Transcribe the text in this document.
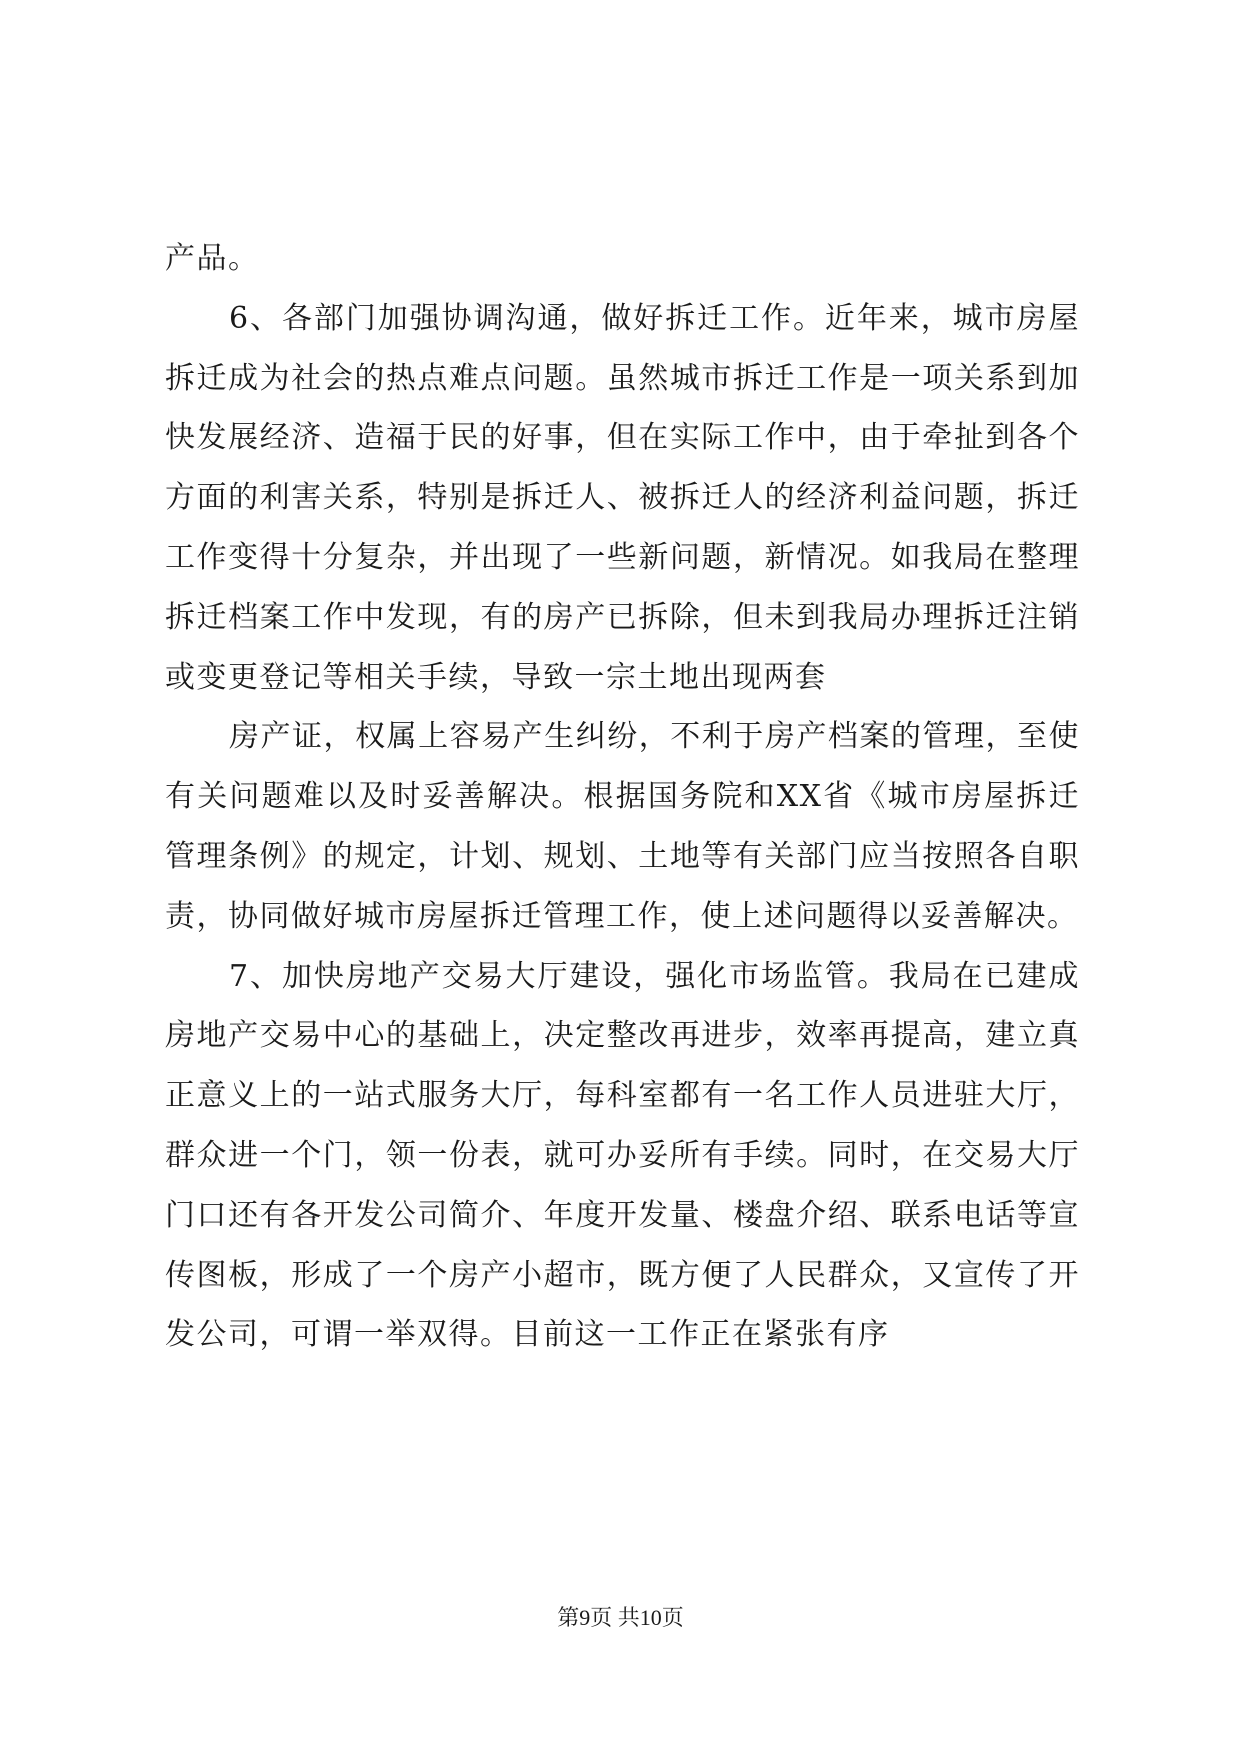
产品。

6、各部门加强协调沟通，做好拆迁工作。近年来，城市房屋拆迁成为社会的热点难点问题。虽然城市拆迁工作是一项关系到加快发展经济、造福于民的好事，但在实际工作中，由于牵扯到各个方面的利害关系，特别是拆迁人、被拆迁人的经济利益问题，拆迁工作变得十分复杂，并出现了一些新问题，新情况。如我局在整理拆迁档案工作中发现，有的房产已拆除，但未到我局办理拆迁注销或变更登记等相关手续，导致一宗土地出现两套

房产证，权属上容易产生纠纷，不利于房产档案的管理，至使有关问题难以及时妥善解决。根据国务院和XX省《城市房屋拆迁管理条例》的规定，计划、规划、土地等有关部门应当按照各自职责，协同做好城市房屋拆迁管理工作，使上述问题得以妥善解决。

7、加快房地产交易大厅建设，强化市场监管。我局在已建成房地产交易中心的基础上，决定整改再进步，效率再提高，建立真正意义上的一站式服务大厅，每科室都有一名工作人员进驻大厅，群众进一个门，领一份表，就可办妥所有手续。同时，在交易大厅门口还有各开发公司简介、年度开发量、楼盘介绍、联系电话等宣传图板，形成了一个房产小超市，既方便了人民群众，又宣传了开发公司，可谓一举双得。目前这一工作正在紧张有序

第9页 共10页
